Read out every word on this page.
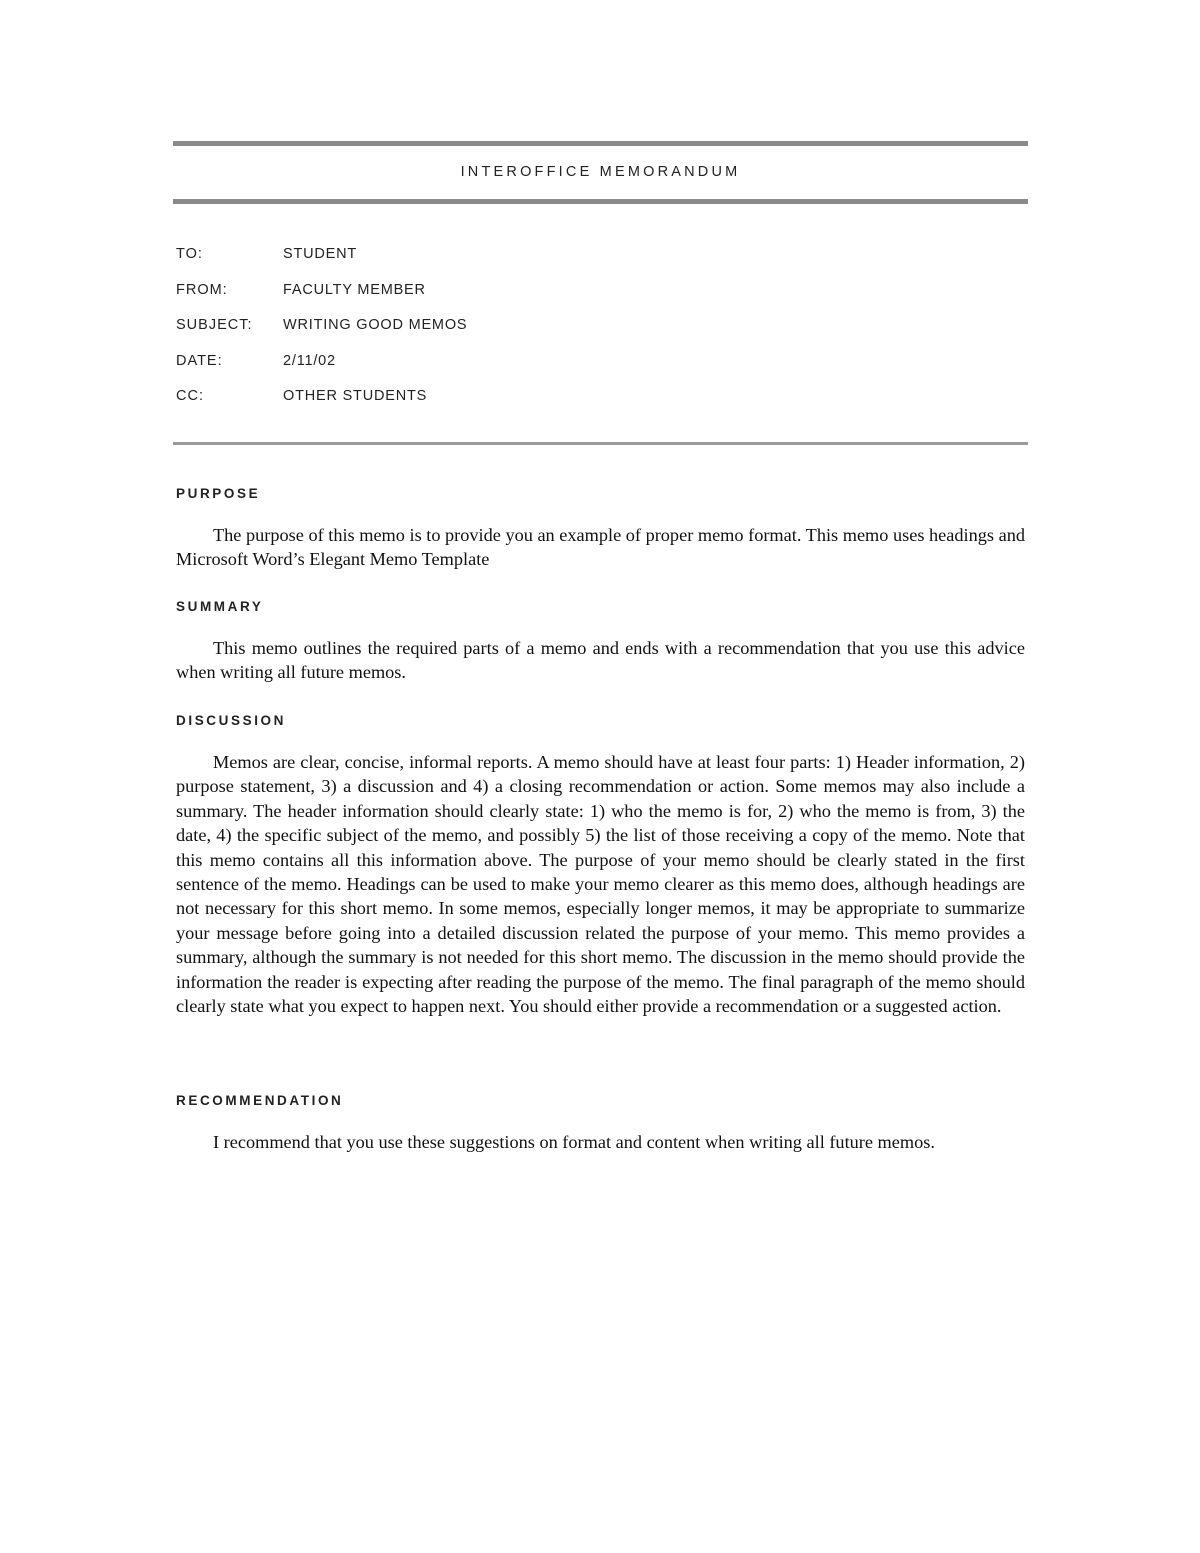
INTEROFFICE MEMORANDUM
TO:	STUDENT
FROM:	FACULTY MEMBER
SUBJECT:	WRITING GOOD MEMOS
DATE:	2/11/02
CC:	OTHER STUDENTS
PURPOSE

The purpose of this memo is to provide you an example of proper memo format. This memo uses headings and Microsoft Word’s Elegant Memo Template

SUMMARY

This memo outlines the required parts of a memo and ends with a recommendation that you use this advice when writing all future memos.

DISCUSSION

Memos are clear, concise, informal reports. A memo should have at least four parts: 1) Header information, 2) purpose statement, 3) a discussion and 4) a closing recommendation or action. Some memos may also include a summary. The header information should clearly state: 1) who the memo is for, 2) who the memo is from, 3) the date, 4) the specific subject of the memo, and possibly 5) the list of those receiving a copy of the memo. Note that this memo contains all this information above. The purpose of your memo should be clearly stated in the first sentence of the memo. Headings can be used to make your memo clearer as this memo does, although headings are not necessary for this short memo. In some memos, especially longer memos, it may be appropriate to summarize your message before going into a detailed discussion related the purpose of your memo. This memo provides a summary, although the summary is not needed for this short memo. The discussion in the memo should provide the information the reader is expecting after reading the purpose of the memo. The final paragraph of the memo should clearly state what you expect to happen next. You should either provide a recommendation or a suggested action.

RECOMMENDATION

I recommend that you use these suggestions on format and content when writing all future memos.
